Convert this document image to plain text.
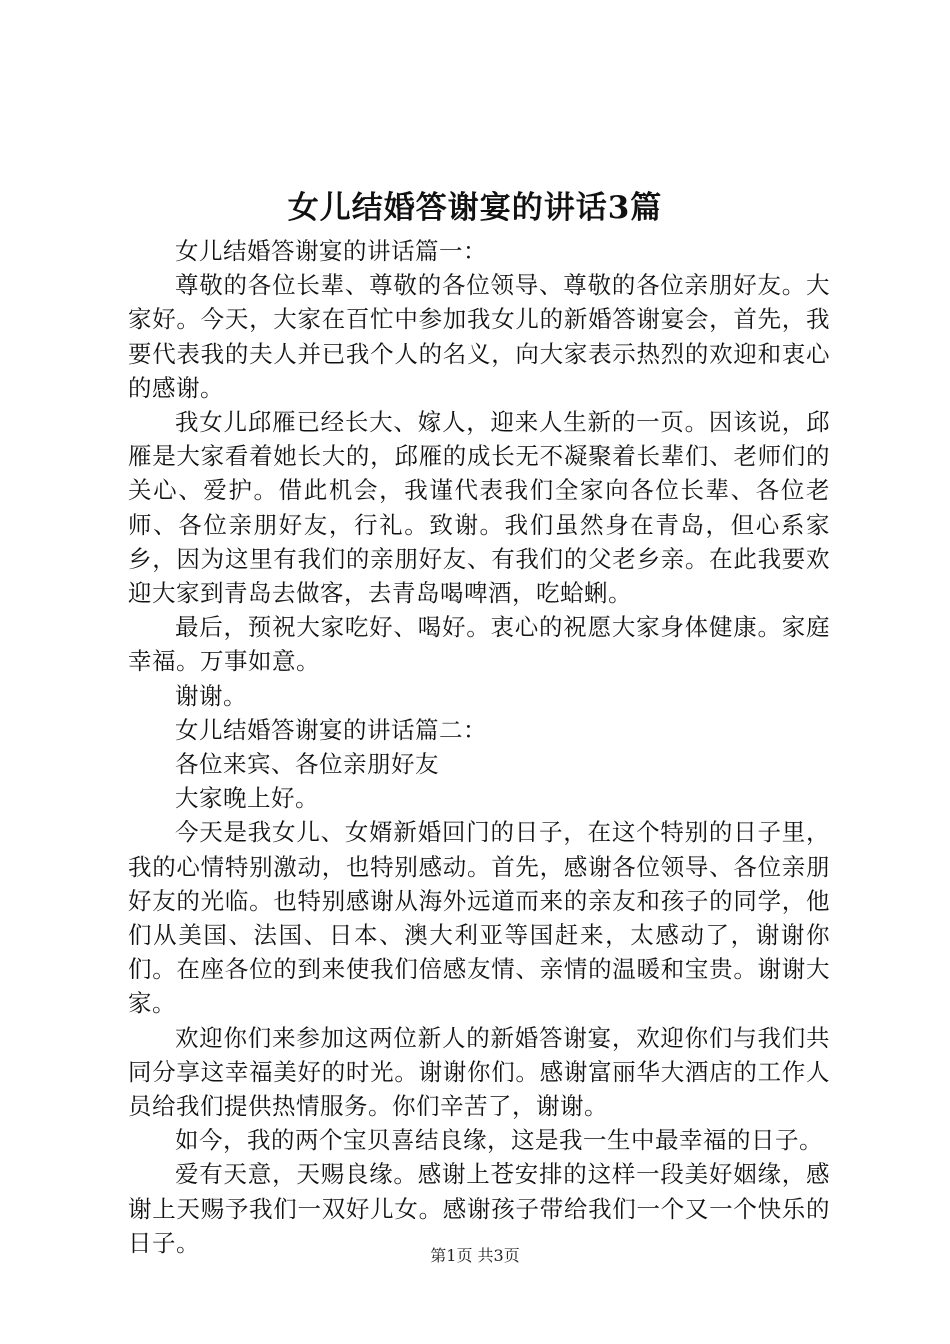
女儿结婚答谢宴的讲话3篇

女儿结婚答谢宴的讲话篇一：

尊敬的各位长辈、尊敬的各位领导、尊敬的各位亲朋好友。大家好。今天，大家在百忙中参加我女儿的新婚答谢宴会，首先，我要代表我的夫人并已我个人的名义，向大家表示热烈的欢迎和衷心的感谢。

我女儿邱雁已经长大、嫁人，迎来人生新的一页。因该说，邱雁是大家看着她长大的，邱雁的成长无不凝聚着长辈们、老师们的关心、爱护。借此机会，我谨代表我们全家向各位长辈、各位老师、各位亲朋好友，行礼。致谢。我们虽然身在青岛，但心系家乡，因为这里有我们的亲朋好友、有我们的父老乡亲。在此我要欢迎大家到青岛去做客，去青岛喝啤酒，吃蛤蜊。

最后，预祝大家吃好、喝好。衷心的祝愿大家身体健康。家庭幸福。万事如意。

谢谢。

女儿结婚答谢宴的讲话篇二：

各位来宾、各位亲朋好友

大家晚上好。

今天是我女儿、女婿新婚回门的日子，在这个特别的日子里，我的心情特别激动，也特别感动。首先，感谢各位领导、各位亲朋好友的光临。也特别感谢从海外远道而来的亲友和孩子的同学，他们从美国、法国、日本、澳大利亚等国赶来，太感动了，谢谢你们。在座各位的到来使我们倍感友情、亲情的温暖和宝贵。谢谢大家。

欢迎你们来参加这两位新人的新婚答谢宴，欢迎你们与我们共同分享这幸福美好的时光。谢谢你们。感谢富丽华大酒店的工作人员给我们提供热情服务。你们辛苦了，谢谢。

如今，我的两个宝贝喜结良缘，这是我一生中最幸福的日子。

爱有天意，天赐良缘。感谢上苍安排的这样一段美好姻缘，感谢上天赐予我们一双好儿女。感谢孩子带给我们一个又一个快乐的日子。	第1页 共3页
